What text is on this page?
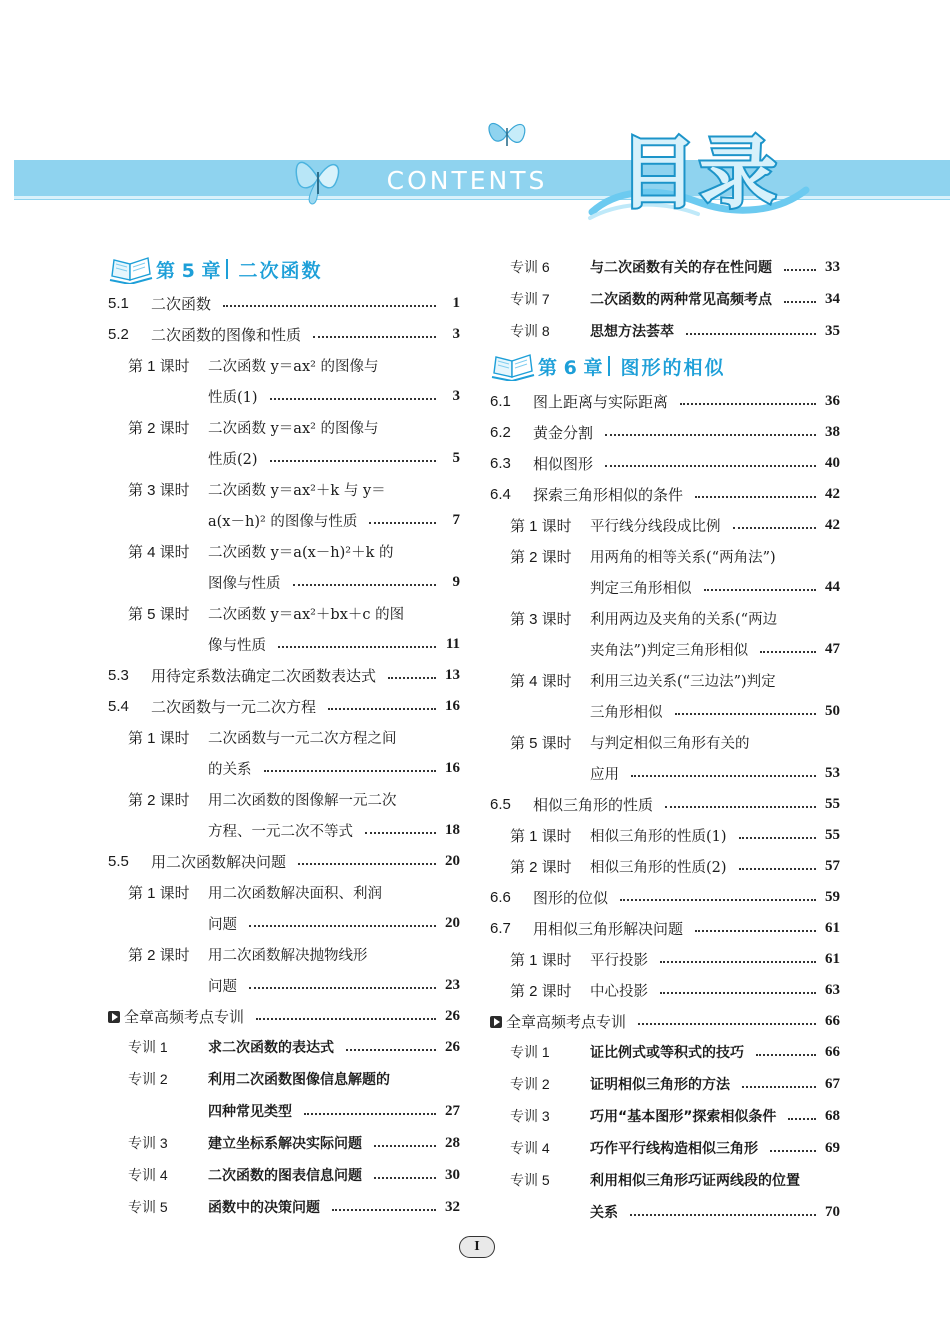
CONTENTS 目录
第 5 章 二次函数
5.1	二次函数	1
5.2	二次函数的图像和性质	3
第 1 课时	二次函数 y＝ax² 的图像与
性质(1)	3
第 2 课时	二次函数 y＝ax² 的图像与
性质(2)	5
第 3 课时	二次函数 y＝ax²＋k 与 y＝
a(x－h)² 的图像与性质	7
第 4 课时	二次函数 y＝a(x－h)²＋k 的
图像与性质	9
第 5 课时	二次函数 y＝ax²＋bx＋c 的图
像与性质	11
5.3	用待定系数法确定二次函数表达式	13
5.4	二次函数与一元二次方程	16
第 1 课时	二次函数与一元二次方程之间
的关系	16
第 2 课时	用二次函数的图像解一元二次
方程、一元二次不等式	18
5.5	用二次函数解决问题	20
第 1 课时	用二次函数解决面积、利润
问题	20
第 2 课时	用二次函数解决抛物线形
问题	23
全章高频考点专训	26
专训 1	求二次函数的表达式	26
专训 2	利用二次函数图像信息解题的
四种常见类型	27
专训 3	建立坐标系解决实际问题	28
专训 4	二次函数的图表信息问题	30
专训 5	函数中的决策问题	32
专训 6	与二次函数有关的存在性问题	33
专训 7	二次函数的两种常见高频考点	34
专训 8	思想方法荟萃	35
第 6 章 图形的相似
6.1	图上距离与实际距离	36
6.2	黄金分割	38
6.3	相似图形	40
6.4	探索三角形相似的条件	42
第 1 课时	平行线分线段成比例	42
第 2 课时	用两角的相等关系(“两角法”)
判定三角形相似	44
第 3 课时	利用两边及夹角的关系(“两边
夹角法”)判定三角形相似	47
第 4 课时	利用三边关系(“三边法”)判定
三角形相似	50
第 5 课时	与判定相似三角形有关的
应用	53
6.5	相似三角形的性质	55
第 1 课时	相似三角形的性质(1)	55
第 2 课时	相似三角形的性质(2)	57
6.6	图形的位似	59
6.7	用相似三角形解决问题	61
第 1 课时	平行投影	61
第 2 课时	中心投影	63
全章高频考点专训	66
专训 1	证比例式或等积式的技巧	66
专训 2	证明相似三角形的方法	67
专训 3	巧用“基本图形”探索相似条件	68
专训 4	巧作平行线构造相似三角形	69
专训 5	利用相似三角形巧证两线段的位置
关系	70
I
